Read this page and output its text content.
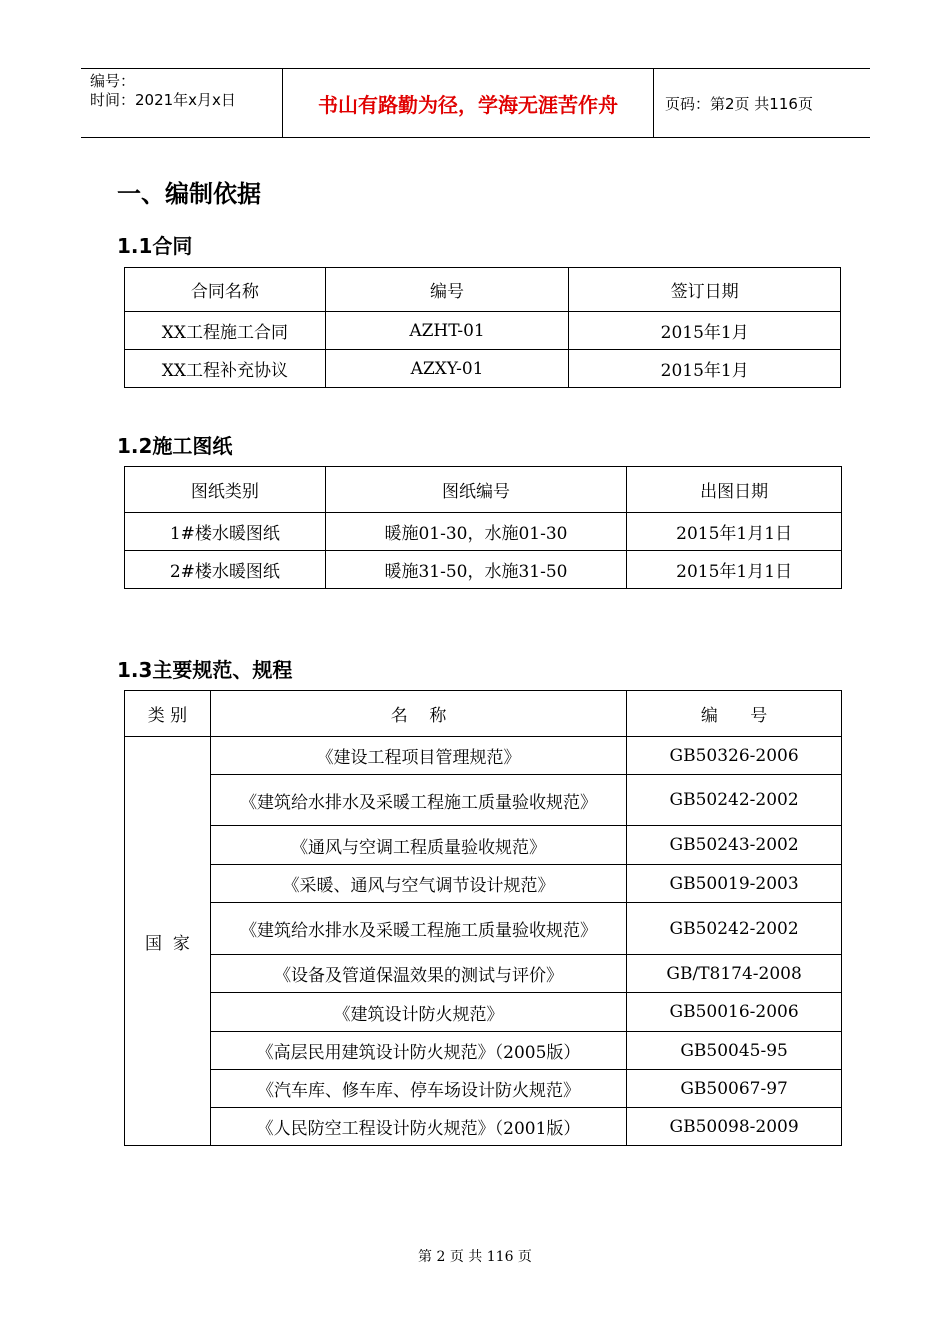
编号：
时间：2021年x月x日	书山有路勤为径，学海无涯苦作舟	页码：第2页 共116页
一、编制依据
1.1合同
合同名称	编号	签订日期
XX工程施工合同	AZHT-01	2015年1月
XX工程补充协议	AZXY-01	2015年1月
1.2施工图纸
图纸类别	图纸编号	出图日期
1#楼水暖图纸	暖施01-30，水施01-30	2015年1月1日
2#楼水暖图纸	暖施31-50，水施31-50	2015年1月1日
1.3主要规范、规程
类 别	名    称	编      号
国  家	《建设工程项目管理规范》	GB50326-2006
	《建筑给水排水及采暖工程施工质量验收规范》	GB50242-2002
	《通风与空调工程质量验收规范》	GB50243-2002
	《采暖、通风与空气调节设计规范》	GB50019-2003
	《建筑给水排水及采暖工程施工质量验收规范》	GB50242-2002
	《设备及管道保温效果的测试与评价》	GB/T8174-2008
	《建筑设计防火规范》	GB50016-2006
	《高层民用建筑设计防火规范》（2005版）	GB50045-95
	《汽车库、修车库、停车场设计防火规范》	GB50067-97
	《人民防空工程设计防火规范》（2001版）	GB50098-2009
第 2 页 共 116 页
